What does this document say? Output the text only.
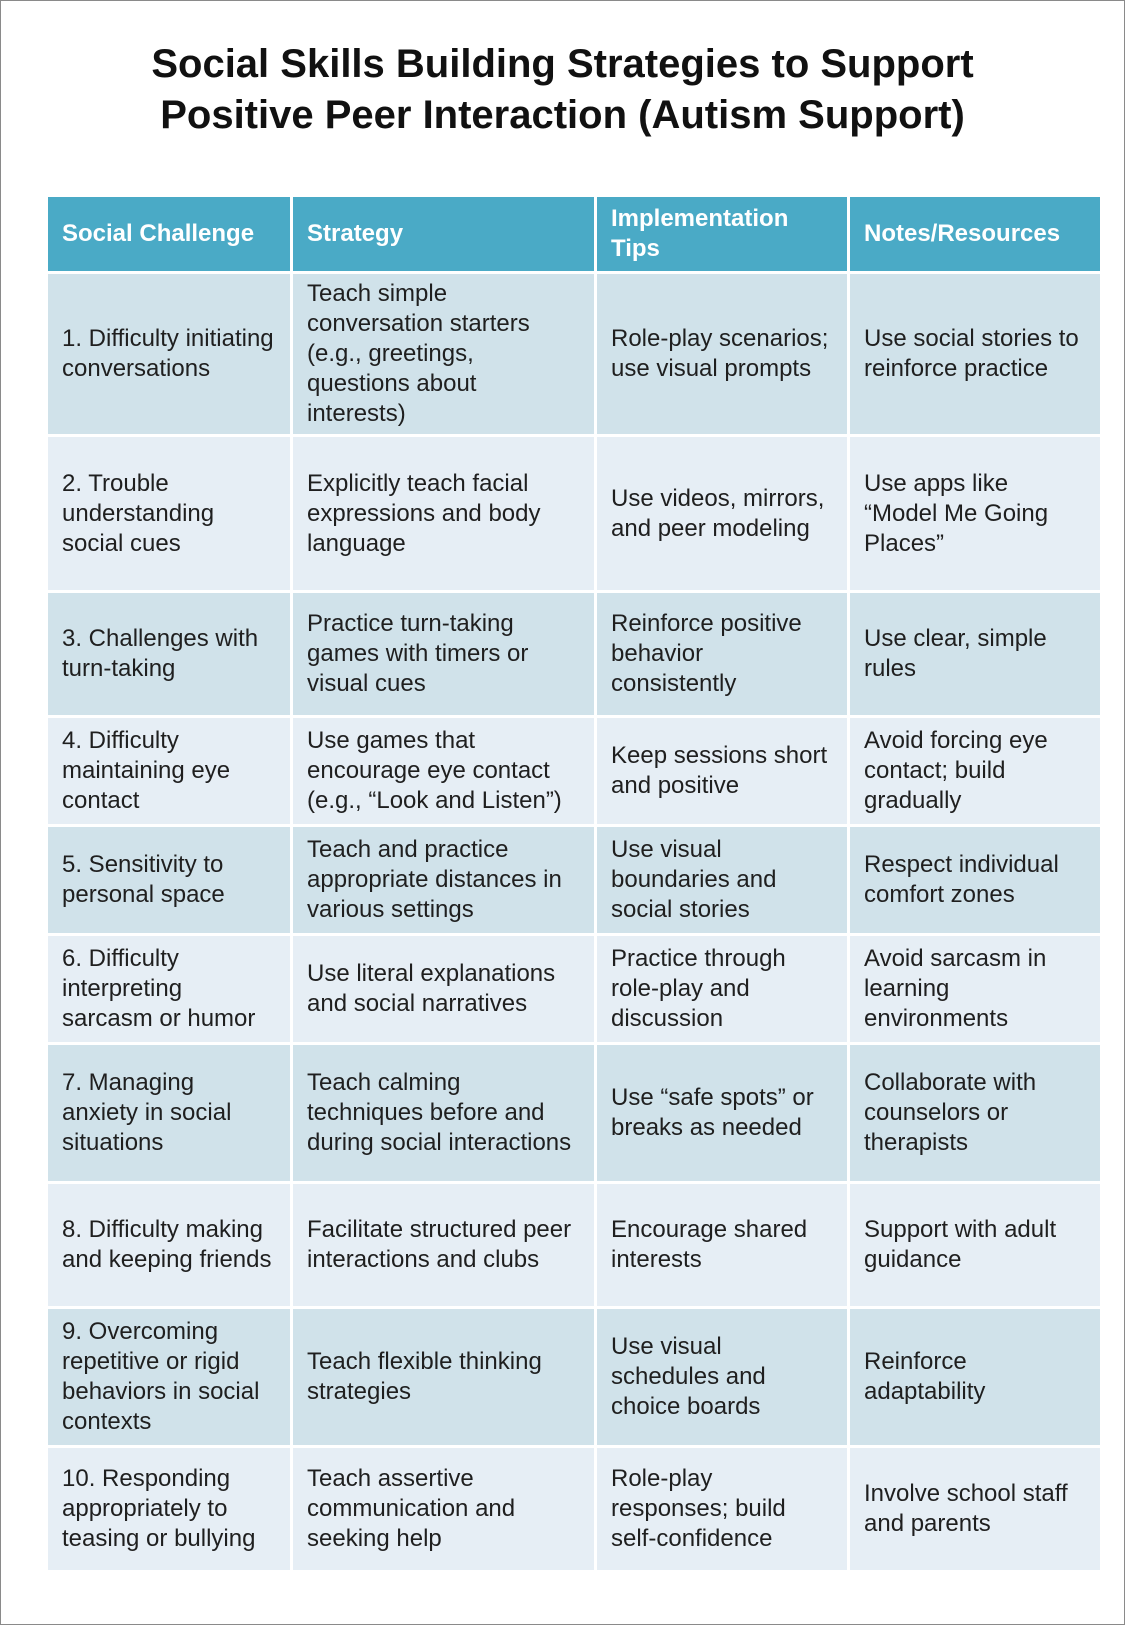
Social Skills Building Strategies to Support
Positive Peer Interaction (Autism Support)
Social Challenge	Strategy	Implementation Tips	Notes/Resources
1. Difficulty initiating conversations	Teach simple conversation starters (e.g., greetings, questions about interests)	Role-play scenarios; use visual prompts	Use social stories to reinforce practice
2. Trouble understanding social cues	Explicitly teach facial expressions and body language	Use videos, mirrors, and peer modeling	Use apps like “Model Me Going Places”
3. Challenges with turn-taking	Practice turn-taking games with timers or visual cues	Reinforce positive behavior consistently	Use clear, simple rules
4. Difficulty maintaining eye contact	Use games that encourage eye contact (e.g., “Look and Listen”)	Keep sessions short and positive	Avoid forcing eye contact; build gradually
5. Sensitivity to personal space	Teach and practice appropriate distances in various settings	Use visual boundaries and social stories	Respect individual comfort zones
6. Difficulty interpreting sarcasm or humor	Use literal explanations and social narratives	Practice through role-play and discussion	Avoid sarcasm in learning environments
7. Managing anxiety in social situations	Teach calming techniques before and during social interactions	Use “safe spots” or breaks as needed	Collaborate with counselors or therapists
8. Difficulty making and keeping friends	Facilitate structured peer interactions and clubs	Encourage shared interests	Support with adult guidance
9. Overcoming repetitive or rigid behaviors in social contexts	Teach flexible thinking strategies	Use visual schedules and choice boards	Reinforce adaptability
10. Responding appropriately to teasing or bullying	Teach assertive communication and seeking help	Role-play responses; build self-confidence	Involve school staff and parents
